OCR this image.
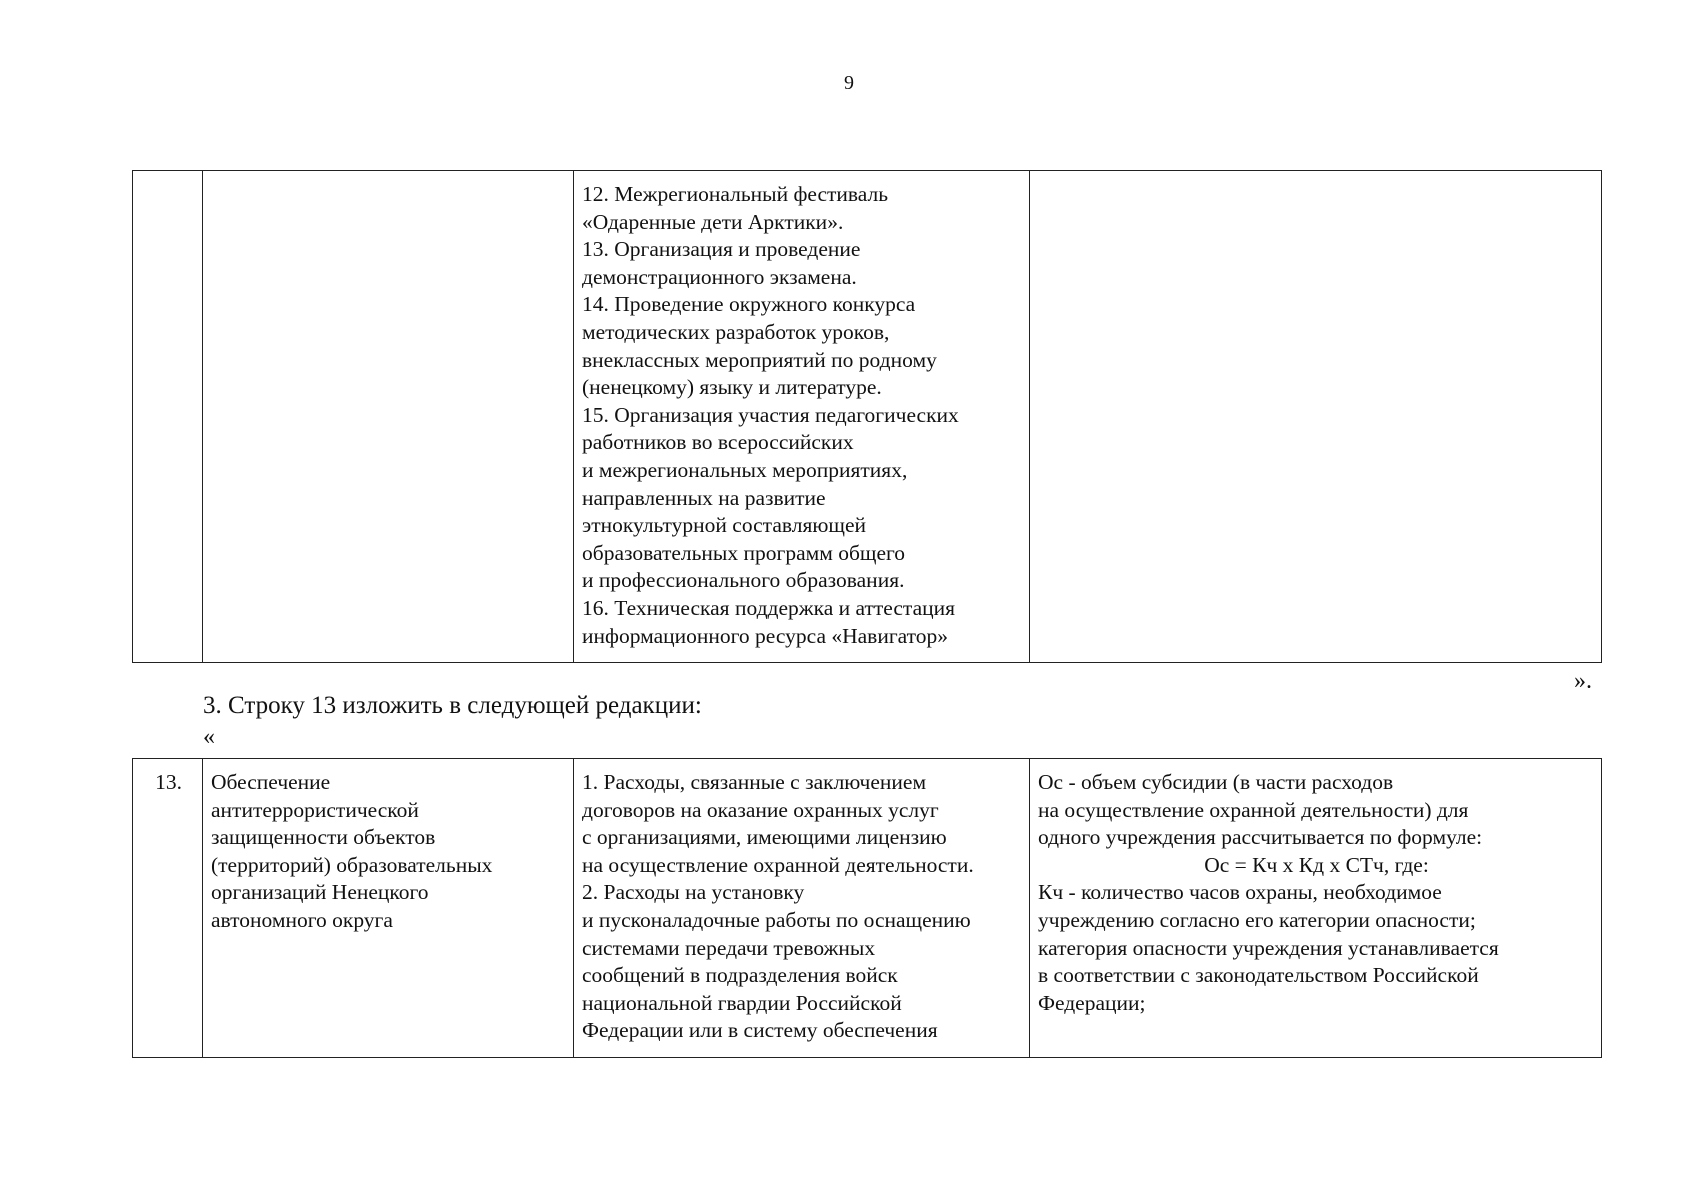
9
		12. Межрегиональный фестиваль
«Одаренные дети Арктики».
13. Организация и проведение
демонстрационного экзамена.
14. Проведение окружного конкурса
методических разработок уроков,
внеклассных мероприятий по родному
(ненецкому) языку и литературе.
15. Организация участия педагогических
работников во всероссийских
и межрегиональных мероприятиях,
направленных на развитие
этнокультурной составляющей
образовательных программ общего
и профессионального образования.
16. Техническая поддержка и аттестация
информационного ресурса «Навигатор»	
».
3. Строку 13 изложить в следующей редакции:
«
13.	Обеспечение
антитеррористической
защищенности объектов
(территорий) образовательных
организаций Ненецкого
автономного округа	1. Расходы, связанные с заключением
договоров на оказание охранных услуг
с организациями, имеющими лицензию
на осуществление охранной деятельности.
2. Расходы на установку
и пусконаладочные работы по оснащению
системами передачи тревожных
сообщений в подразделения войск
национальной гвардии Российской
Федерации или в систему обеспечения	Ос - объем субсидии (в части расходов
на осуществление охранной деятельности) для
одного учреждения рассчитывается по формуле:
Ос = Кч х Кд х СТч, где:
Кч - количество часов охраны, необходимое
учреждению согласно его категории опасности;
категория опасности учреждения устанавливается
в соответствии с законодательством Российской
Федерации;
